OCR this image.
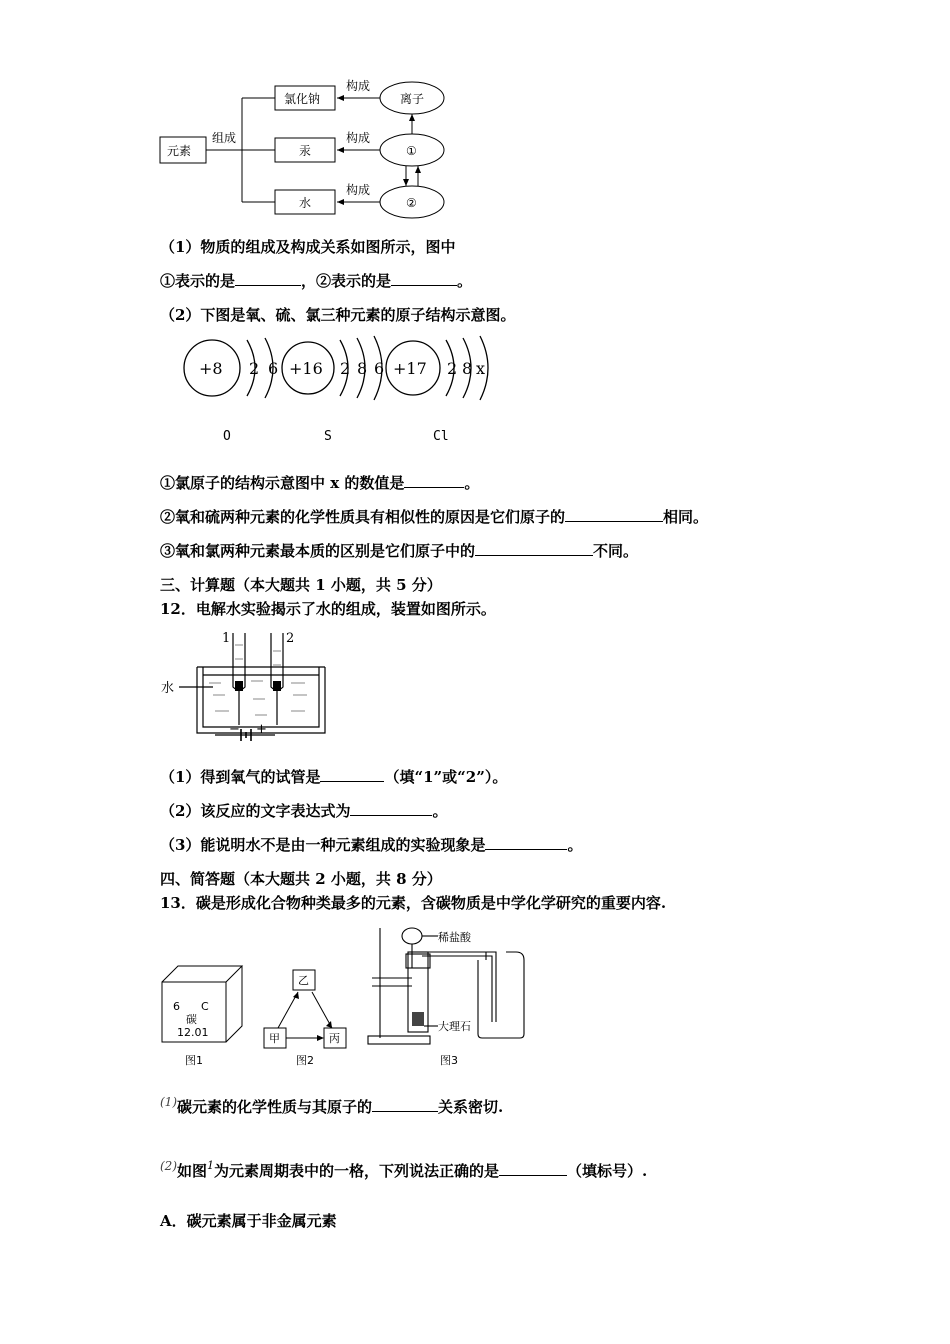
元素
组成
氯化钠
汞
水
构成
构成
构成
离子
①
②
（1）物质的组成及构成关系如图所示，图中
①表示的是	，②表示的是	。
（2）下图是氧、硫、氯三种元素的原子结构示意图。
+8 2 6 +16 2 8 6 +17 2 8 x
O	S	Cl
①氯原子的结构示意图中 x 的数值是	。
②氧和硫两种元素的化学性质具有相似性的原因是它们原子的	相同。
③氧和氯两种元素最本质的区别是它们原子中的	不同。
三、计算题（本大题共 1 小题，共 5 分）
12．电解水实验揭示了水的组成，装置如图所示。
1	2
水
− +
（1）得到氧气的试管是	（填“1”或“2”）。
（2）该反应的文字表达式为	。
（3）能说明水不是由一种元素组成的实验现象是	。
四、简答题（本大题共 2 小题，共 8 分）
13．碳是形成化合物种类最多的元素，含碳物质是中学化学研究的重要内容.
6 C
碳
12.01
图1
乙
甲	丙
图2
稀盐酸
大理石
图3
$^{(1)}$碳元素的化学性质与其原子的	关系密切.
$^{(2)}$如图$^1$为元素周期表中的一格，下列说法正确的是	（填标号）.
A．碳元素属于非金属元素
